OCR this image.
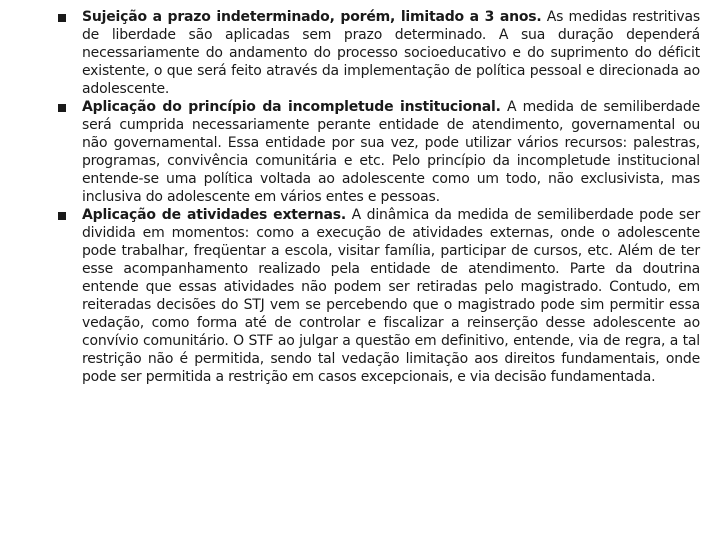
Sujeição a prazo indeterminado, porém, limitado a 3 anos. As medidas restritivas de liberdade são aplicadas sem prazo determinado. A sua duração dependerá necessariamente do andamento do processo socioeducativo e do suprimento do déficit existente, o que será feito através da implementação de política pessoal e direcionada ao adolescente.

Aplicação do princípio da incompletude institucional. A medida de semiliberdade será cumprida necessariamente perante entidade de atendimento, governamental ou não governamental. Essa entidade por sua vez, pode utilizar vários recursos: palestras, programas, convivência comunitária e etc. Pelo princípio da incompletude institucional entende-se uma política voltada ao adolescente como um todo, não exclusivista, mas inclusiva do adolescente em vários entes e pessoas.

Aplicação de atividades externas. A dinâmica da medida de semiliberdade pode ser dividida em momentos: como a execução de atividades externas, onde o adolescente pode trabalhar, freqüentar a escola, visitar família, participar de cursos, etc. Além de ter esse acompanhamento realizado pela entidade de atendimento. Parte da doutrina entende que essas atividades não podem ser retiradas pelo magistrado. Contudo, em reiteradas decisões do STJ vem se percebendo que o magistrado pode sim permitir essa vedação, como forma até de controlar e fiscalizar a reinserção desse adolescente ao convívio comunitário. O STF ao julgar a questão em definitivo, entende, via de regra, a tal restrição não é permitida, sendo tal vedação limitação aos direitos fundamentais, onde pode ser permitida a restrição em casos excepcionais, e via decisão fundamentada.
